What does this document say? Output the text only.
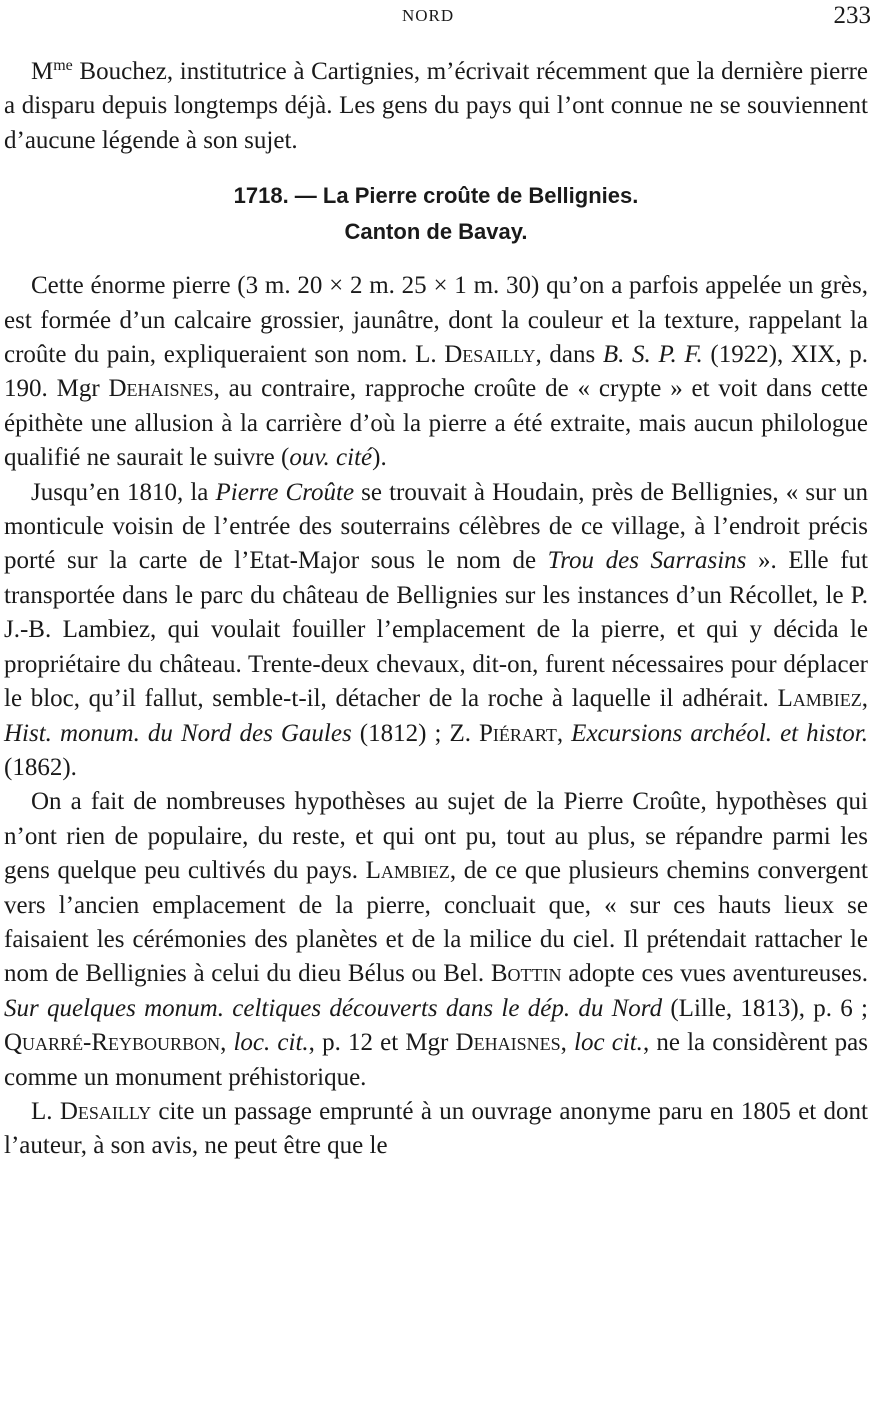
NORD	233

$M^{me}$ Bouchez, institutrice à Cartignies, m’écrivait récemment que la dernière pierre a disparu depuis longtemps déjà. Les gens du pays qui l’ont connue ne se souviennent d’aucune légende à son sujet.

1718. — La Pierre croûte de Bellignies.
Canton de Bavay.

Cette énorme pierre (3 m. 20 × 2 m. 25 × 1 m. 30) qu’on a parfois appelée un grès, est formée d’un calcaire grossier, jaunâtre, dont la couleur et la texture, rappelant la croûte du pain, expliqueraient son nom. L. Desailly, dans B. S. P. F. (1922), XIX, p. 190. Mgr Dehaisnes, au contraire, rapproche croûte de « crypte » et voit dans cette épithète une allusion à la carrière d’où la pierre a été extraite, mais aucun philologue qualifié ne saurait le suivre (ouv. cité).

Jusqu’en 1810, la Pierre Croûte se trouvait à Houdain, près de Bellignies, « sur un monticule voisin de l’entrée des souterrains célèbres de ce village, à l’endroit précis porté sur la carte de l’Etat-Major sous le nom de Trou des Sarrasins ». Elle fut transportée dans le parc du château de Bellignies sur les instances d’un Récollet, le P. J.-B. Lambiez, qui voulait fouiller l’emplacement de la pierre, et qui y décida le propriétaire du château. Trente-deux chevaux, dit-on, furent nécessaires pour déplacer le bloc, qu’il fallut, semble-t-il, détacher de la roche à laquelle il adhérait. Lambiez, Hist. monum. du Nord des Gaules (1812) ; Z. Piérart, Excursions archéol. et histor. (1862).

On a fait de nombreuses hypothèses au sujet de la Pierre Croûte, hypothèses qui n’ont rien de populaire, du reste, et qui ont pu, tout au plus, se répandre parmi les gens quelque peu cultivés du pays. Lambiez, de ce que plusieurs chemins convergent vers l’ancien emplacement de la pierre, concluait que, « sur ces hauts lieux se faisaient les cérémonies des planètes et de la milice du ciel. Il prétendait rattacher le nom de Bellignies à celui du dieu Bélus ou Bel. Bottin adopte ces vues aventureuses. Sur quelques monum. celtiques découverts dans le dép. du Nord (Lille, 1813), p. 6 ; Quarré-Reybourbon, loc. cit., p. 12 et Mgr Dehaisnes, loc cit., ne la considèrent pas comme un monument préhistorique.

L. Desailly cite un passage emprunté à un ouvrage anonyme paru en 1805 et dont l’auteur, à son avis, ne peut être que le
